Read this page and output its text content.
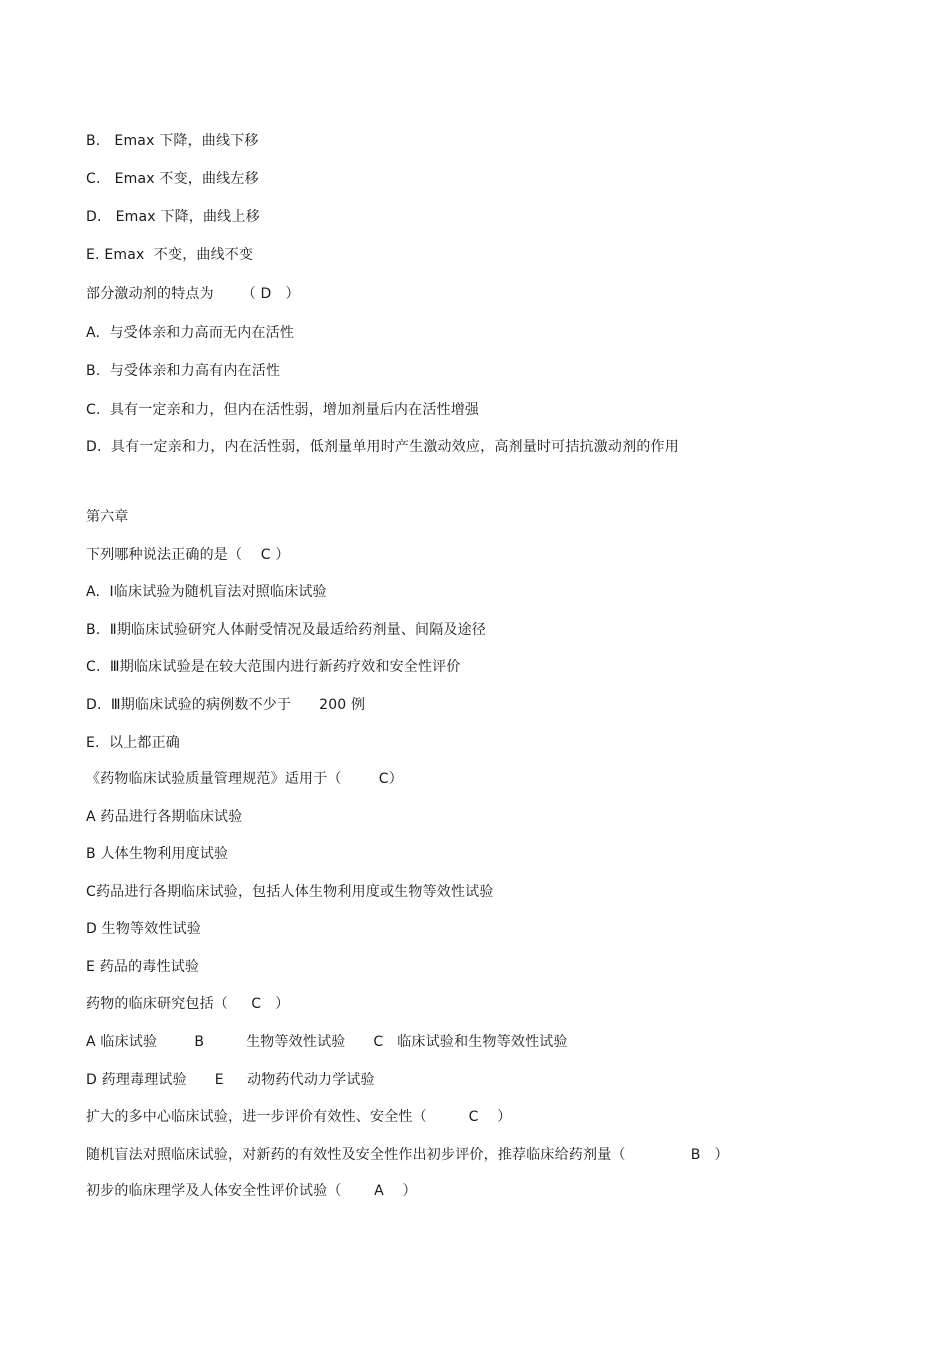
B.   Emax 下降，曲线下移
C.   Emax 不变，曲线左移
D.   Emax 下降，曲线上移
E. Emax  不变，曲线不变
部分激动剂的特点为      （ D   ）
A.  与受体亲和力高而无内在活性
B.  与受体亲和力高有内在活性
C.  具有一定亲和力，但内在活性弱，增加剂量后内在活性增强
D.  具有一定亲和力，内在活性弱，低剂量单用时产生激动效应，高剂量时可拮抗激动剂的作用
第六章
下列哪种说法正确的是（    C ）
A.  Ⅰ临床试验为随机盲法对照临床试验
B.  Ⅱ期临床试验研究人体耐受情况及最适给药剂量、间隔及途径
C.  Ⅲ期临床试验是在较大范围内进行新药疗效和安全性评价
D.  Ⅲ期临床试验的病例数不少于      200 例
E.  以上都正确
《药物临床试验质量管理规范》适用于（        C）
A 药品进行各期临床试验
B 人体生物利用度试验
C药品进行各期临床试验，包括人体生物利用度或生物等效性试验
D 生物等效性试验
E 药品的毒性试验
药物的临床研究包括（     C   ）
A 临床试验        B         生物等效性试验      C   临床试验和生物等效性试验
D 药理毒理试验      E     动物药代动力学试验
扩大的多中心临床试验，进一步评价有效性、安全性（         C    ）
随机盲法对照临床试验，对新药的有效性及安全性作出初步评价，推荐临床给药剂量（              B   ）
初步的临床理学及人体安全性评价试验（       A    ）
